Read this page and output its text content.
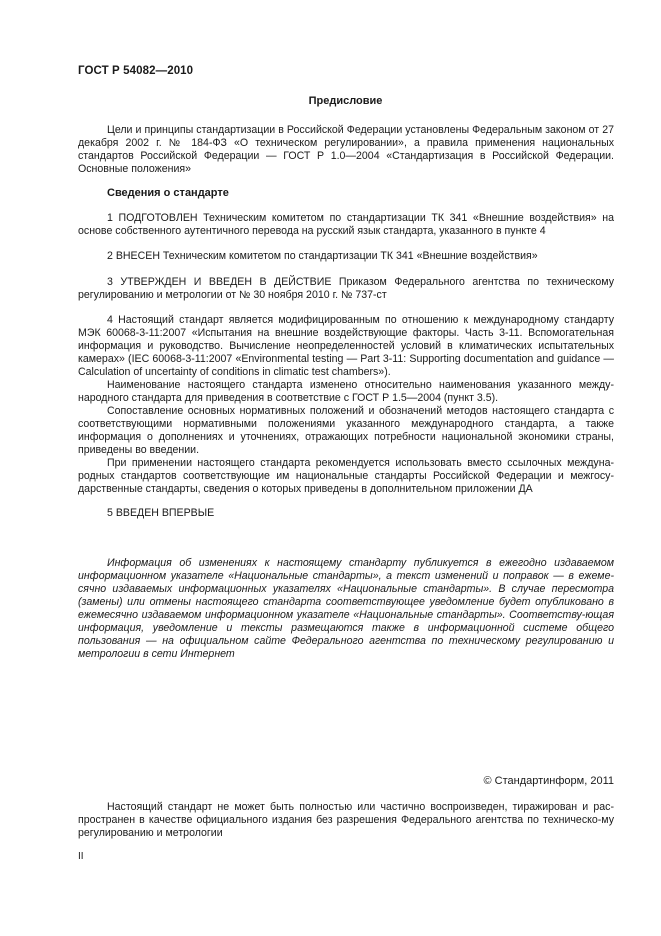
ГОСТ Р 54082—2010
Предисловие

Цели и принципы стандартизации в Российской Федерации установлены Федеральным законом от 27 декабря 2002 г. № 184-ФЗ «О техническом регулировании», а правила применения национальных стандартов Российской Федерации — ГОСТ Р 1.0—2004 «Стандартизация в Российской Федерации. Основные положения»

Сведения о стандарте

1 ПОДГОТОВЛЕН Техническим комитетом по стандартизации ТК 341 «Внешние воздействия» на основе собственного аутентичного перевода на русский язык стандарта, указанного в пункте 4

2 ВНЕСЕН Техническим комитетом по стандартизации ТК 341 «Внешние воздействия»

3 УТВЕРЖДЕН И ВВЕДЕН В ДЕЙСТВИЕ Приказом Федерального агентства по техническому регулированию и метрологии от № 30 ноября 2010 г. № 737-ст

4 Настоящий стандарт является модифицированным по отношению к международному стандарту МЭК 60068-3-11:2007 «Испытания на внешние воздействующие факторы. Часть 3-11. Вспомогательная информация и руководство. Вычисление неопределенностей условий в климатических испытательных камерах» (IEC 60068-3-11:2007 «Environmental testing — Part 3-11: Supporting documentation and guidance — Calculation of uncertainty of conditions in climatic test chambers»).

Наименование настоящего стандарта изменено относительно наименования указанного между-народного стандарта для приведения в соответствие с ГОСТ Р 1.5—2004 (пункт 3.5).

Сопоставление основных нормативных положений и обозначений методов настоящего стандарта с соответствующими нормативными положениями указанного международного стандарта, а также информация о дополнениях и уточнениях, отражающих потребности национальной экономики страны, приведены во введении.

При применении настоящего стандарта рекомендуется использовать вместо ссылочных междуна-родных стандартов соответствующие им национальные стандарты Российской Федерации и межгосу-дарственные стандарты, сведения о которых приведены в дополнительном приложении ДА

5 ВВЕДЕН ВПЕРВЫЕ

Информация об изменениях к настоящему стандарту публикуется в ежегодно издаваемом информационном указателе «Национальные стандарты», а текст изменений и поправок — в ежеме-сячно издаваемых информационных указателях «Национальные стандарты». В случае пересмотра (замены) или отмены настоящего стандарта соответствующее уведомление будет опубликовано в ежемесячно издаваемом информационном указателе «Национальные стандарты». Соответству-ющая информация, уведомление и тексты размещаются также в информационной системе общего пользования — на официальном сайте Федерального агентства по техническому регулированию и метрологии в сети Интернет

© Стандартинформ, 2011

Настоящий стандарт не может быть полностью или частично воспроизведен, тиражирован и рас-пространен в качестве официального издания без разрешения Федерального агентства по техническо-му регулированию и метрологии

II
